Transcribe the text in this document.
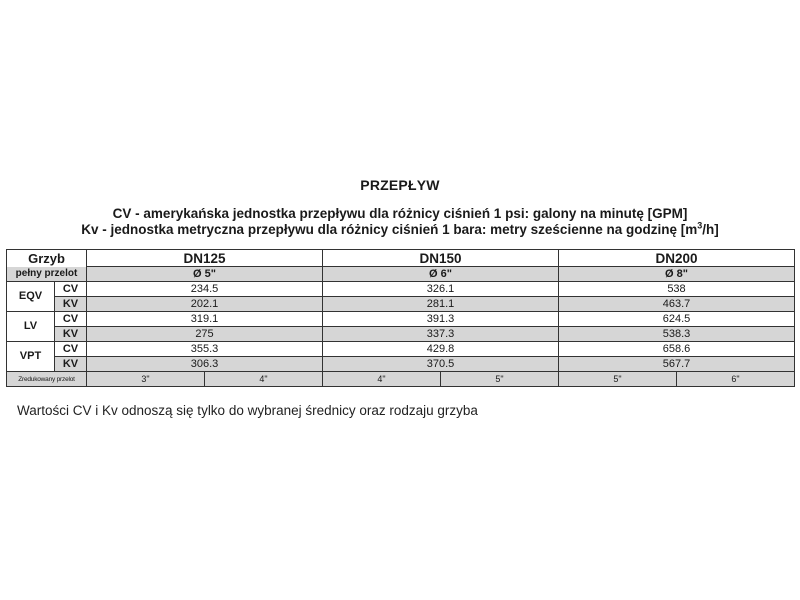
PRZEPŁYW
CV - amerykańska jednostka przepływu dla różnicy ciśnień 1 psi: galony na minutę [GPM]
Kv - jednostka metryczna przepływu dla różnicy ciśnień 1 bara: metry sześcienne na godzinę $[m^3/h]$
Grzyb		DN125		DN150		DN200	
pełny przelot		Ø 5"		Ø 6"		Ø 8"	
EQV	CV	234.5		326.1		538	
	KV	202.1		281.1		463.7	
LV	CV	319.1		391.3		624.5	
	KV	275		337.3		538.3	
VPT	CV	355.3		429.8		658.6	
	KV	306.3		370.5		567.7	
Zredukowany przelot		3"	4"	4"	5"	5"	6"
Wartości CV i Kv odnoszą się tylko do wybranej średnicy oraz rodzaju grzyba
